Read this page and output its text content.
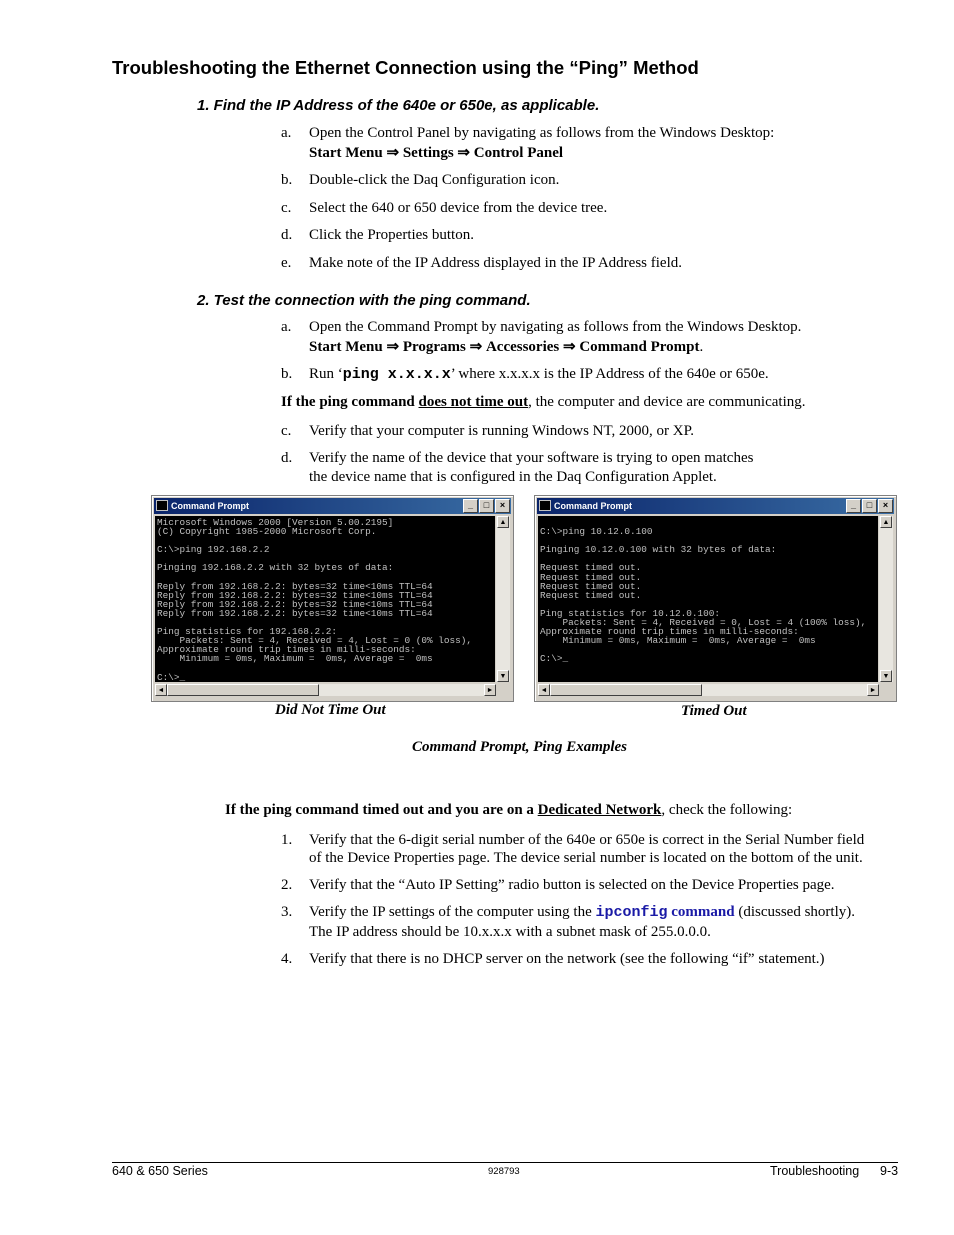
Troubleshooting the Ethernet Connection using the “Ping” Method
1. Find the IP Address of the 640e or 650e, as applicable.
a. Open the Control Panel by navigating as follows from the Windows Desktop:
Start Menu ⇒ Settings ⇒ Control Panel
b. Double-click the Daq Configuration icon.
c. Select the 640 or 650 device from the device tree.
d. Click the Properties button.
e. Make note of the IP Address displayed in the IP Address field.
2. Test the connection with the ping command.
a. Open the Command Prompt by navigating as follows from the Windows Desktop.
Start Menu ⇒ Programs ⇒ Accessories ⇒ Command Prompt.
b. Run ‘ping x.x.x.x’ where x.x.x.x is the IP Address of the 640e or 650e.
If the ping command does not time out, the computer and device are communicating.
c. Verify that your computer is running Windows NT, 2000, or XP.
d. Verify the name of the device that your software is trying to open matches
the device name that is configured in the Daq Configuration Applet.
Command Prompt	_ □ ×
Microsoft Windows 2000 [Version 5.00.2195]
(C) Copyright 1985-2000 Microsoft Corp.

C:\>ping 192.168.2.2

Pinging 192.168.2.2 with 32 bytes of data:

Reply from 192.168.2.2: bytes=32 time<10ms TTL=64
Reply from 192.168.2.2: bytes=32 time<10ms TTL=64
Reply from 192.168.2.2: bytes=32 time<10ms TTL=64
Reply from 192.168.2.2: bytes=32 time<10ms TTL=64

Ping statistics for 192.168.2.2:
Packets: Sent = 4, Received = 4, Lost = 0 (0% loss),
Approximate round trip times in milli-seconds:
Minimum = 0ms, Maximum =  0ms, Average =  0ms

C:\>_
▲
▼
◄	►
Did Not Time Out
Command Prompt	_ □ ×

C:\>ping 10.12.0.100

Pinging 10.12.0.100 with 32 bytes of data:

Request timed out.
Request timed out.
Request timed out.
Request timed out.

Ping statistics for 10.12.0.100:
Packets: Sent = 4, Received = 0, Lost = 4 (100% loss),
Approximate round trip times in milli-seconds:
Minimum = 0ms, Maximum =  0ms, Average =  0ms

C:\>_
▲
▼
◄	►
Timed Out
Command Prompt, Ping Examples
If the ping command timed out and you are on a Dedicated Network, check the following:
1. Verify that the 6-digit serial number of the 640e or 650e is correct in the Serial Number field
of the Device Properties page. The device serial number is located on the bottom of the unit.
2. Verify that the “Auto IP Setting” radio button is selected on the Device Properties page.
3. Verify the IP settings of the computer using the ipconfig command (discussed shortly).
The IP address should be 10.x.x.x with a subnet mask of 255.0.0.0.
4. Verify that there is no DHCP server on the network (see the following “if” statement.)
640 & 650 Series	928793	Troubleshooting 9-3
